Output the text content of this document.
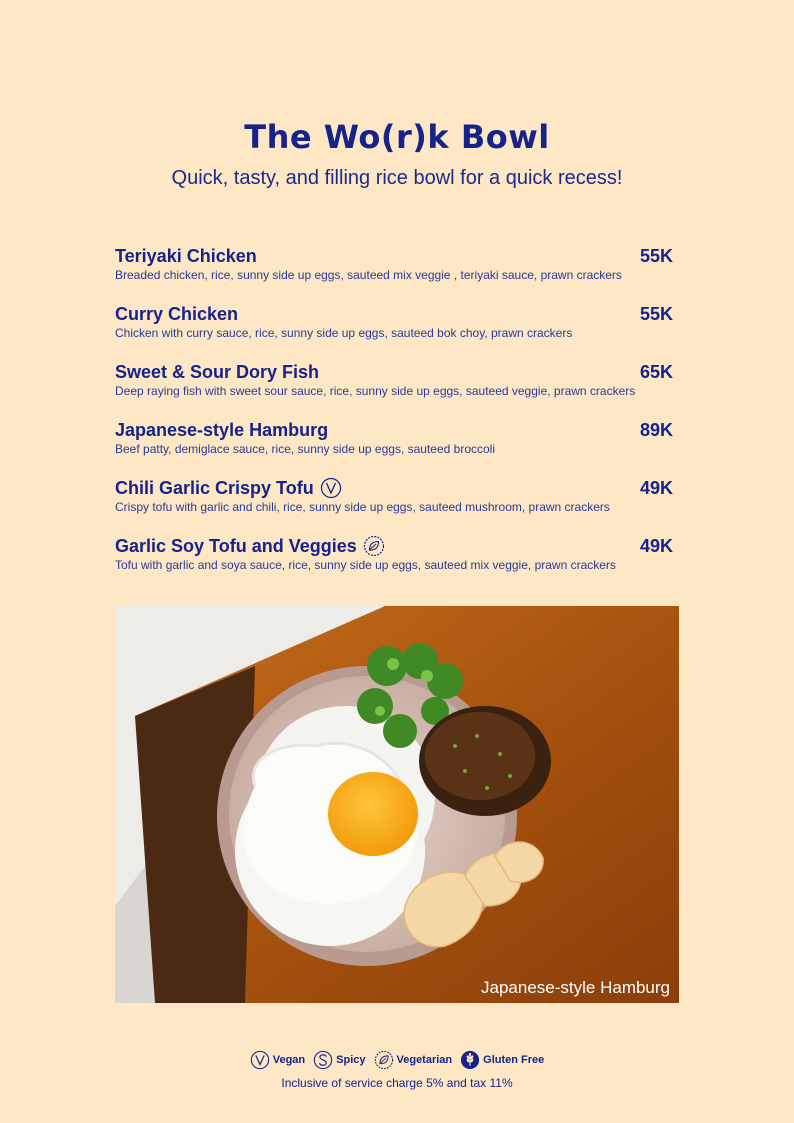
The Wo(r)k Bowl
Quick, tasty, and filling rice bowl for a quick recess!
Teriyaki Chicken	55K
Breaded chicken, rice, sunny side up eggs, sauteed mix veggie , teriyaki sauce, prawn crackers
Curry Chicken	55K
Chicken with curry sauce, rice, sunny side up eggs, sauteed bok choy, prawn crackers
Sweet & Sour Dory Fish	65K
Deep raying fish with sweet sour sauce, rice, sunny side up eggs, sauteed veggie, prawn crackers
Japanese-style Hamburg	89K
Beef patty, demiglace sauce, rice, sunny side up eggs, sauteed broccoli
Chili Garlic Crispy Tofu	49K
Crispy tofu with garlic and chili, rice, sunny side up eggs, sauteed mushroom, prawn crackers
Garlic Soy Tofu and Veggies	49K
Tofu with garlic and soya sauce, rice, sunny side up eggs, sauteed mix veggie, prawn crackers
Japanese-style Hamburg
Vegan	Spicy	Vegetarian	Gluten Free
Inclusive of service charge 5% and tax 11%
